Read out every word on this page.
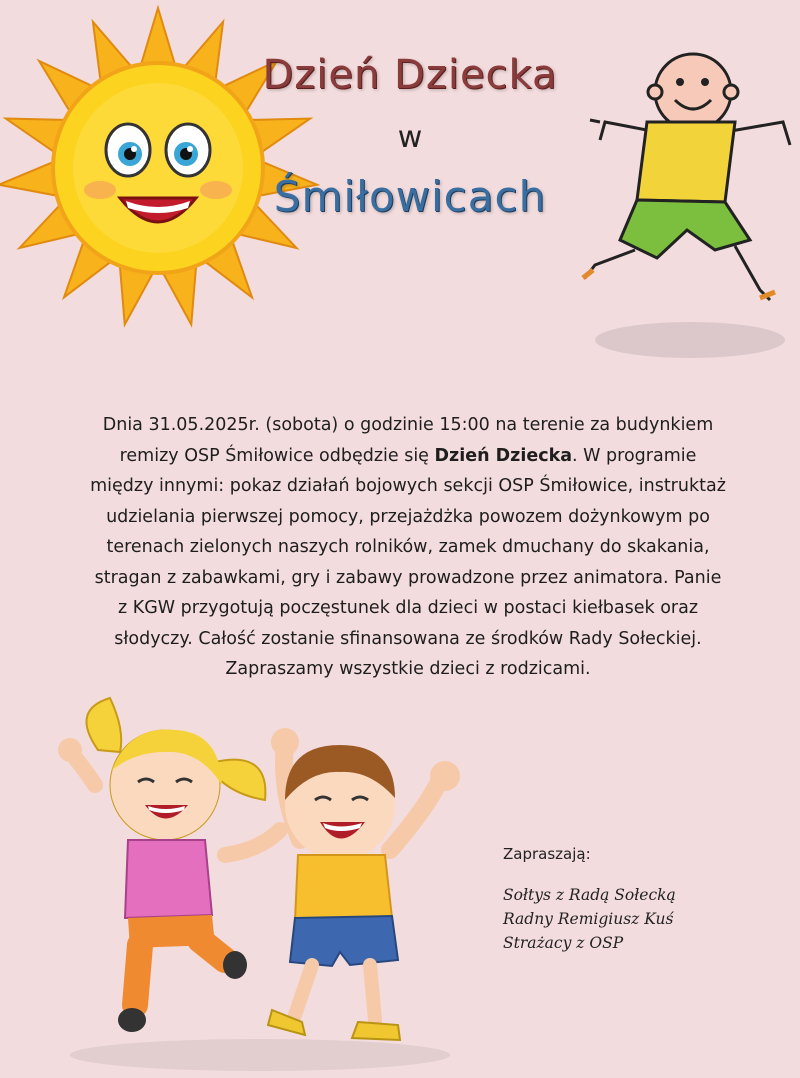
Dzień Dziecka
w
Śmiłowicach
Dnia 31.05.2025r. (sobota) o godzinie 15:00 na terenie za budynkiem remizy OSP Śmiłowice odbędzie się Dzień Dziecka. W programie między innymi: pokaz działań bojowych sekcji OSP Śmiłowice, instruktaż udzielania pierwszej pomocy, przejażdżka powozem dożynkowym po terenach zielonych naszych rolników, zamek dmuchany do skakania, stragan z zabawkami, gry i zabawy prowadzone przez animatora. Panie z KGW przygotują poczęstunek dla dzieci w postaci kiełbasek oraz słodyczy. Całość zostanie sfinansowana ze środków Rady Sołeckiej. Zapraszamy wszystkie dzieci z rodzicami.
Zapraszają:
Sołtys z Radą Sołecką
Radny Remigiusz Kuś
Strażacy z OSP
